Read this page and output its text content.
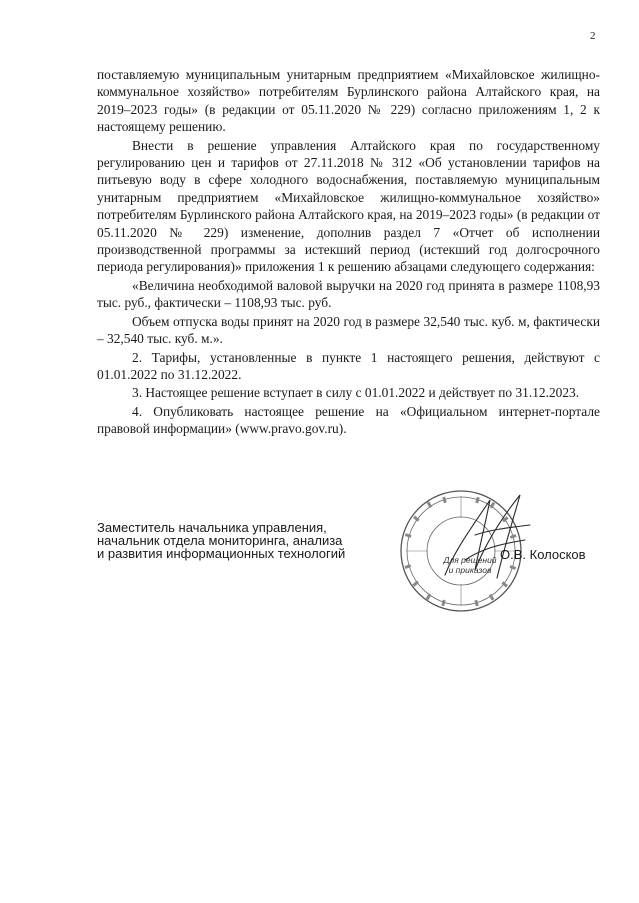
2

поставляемую муниципальным унитарным предприятием «Михайловское жилищно-коммунальное хозяйство» потребителям Бурлинского района Алтайского края, на 2019–2023 годы» (в редакции от 05.11.2020 № 229) согласно приложениям 1, 2 к настоящему решению.

Внести в решение управления Алтайского края по государственному регулированию цен и тарифов от 27.11.2018 № 312 «Об установлении тарифов на питьевую воду в сфере холодного водоснабжения, поставляемую муниципальным унитарным предприятием «Михайловское жилищно-коммунальное хозяйство» потребителям Бурлинского района Алтайского края, на 2019–2023 годы» (в редакции от 05.11.2020 № 229) изменение, дополнив раздел 7 «Отчет об исполнении производственной программы за истекший период (истекший год долгосрочного периода регулирования)» приложения 1 к решению абзацами следующего содержания:

«Величина необходимой валовой выручки на 2020 год принята в размере 1108,93 тыс. руб., фактически – 1108,93 тыс. руб.

Объем отпуска воды принят на 2020 год в размере 32,540 тыс. куб. м, фактически – 32,540 тыс. куб. м.».

2. Тарифы, установленные в пункте 1 настоящего решения, действуют с 01.01.2022 по 31.12.2022.

3. Настоящее решение вступает в силу с 01.01.2022 и действует по 31.12.2023.

4. Опубликовать настоящее решение на «Официальном интернет-портале правовой информации» (www.pravo.gov.ru).

Заместитель начальника управления,
начальник отдела мониторинга, анализа
и развития информационных технологий	Для решений
и приказов
О.В. Колосков
